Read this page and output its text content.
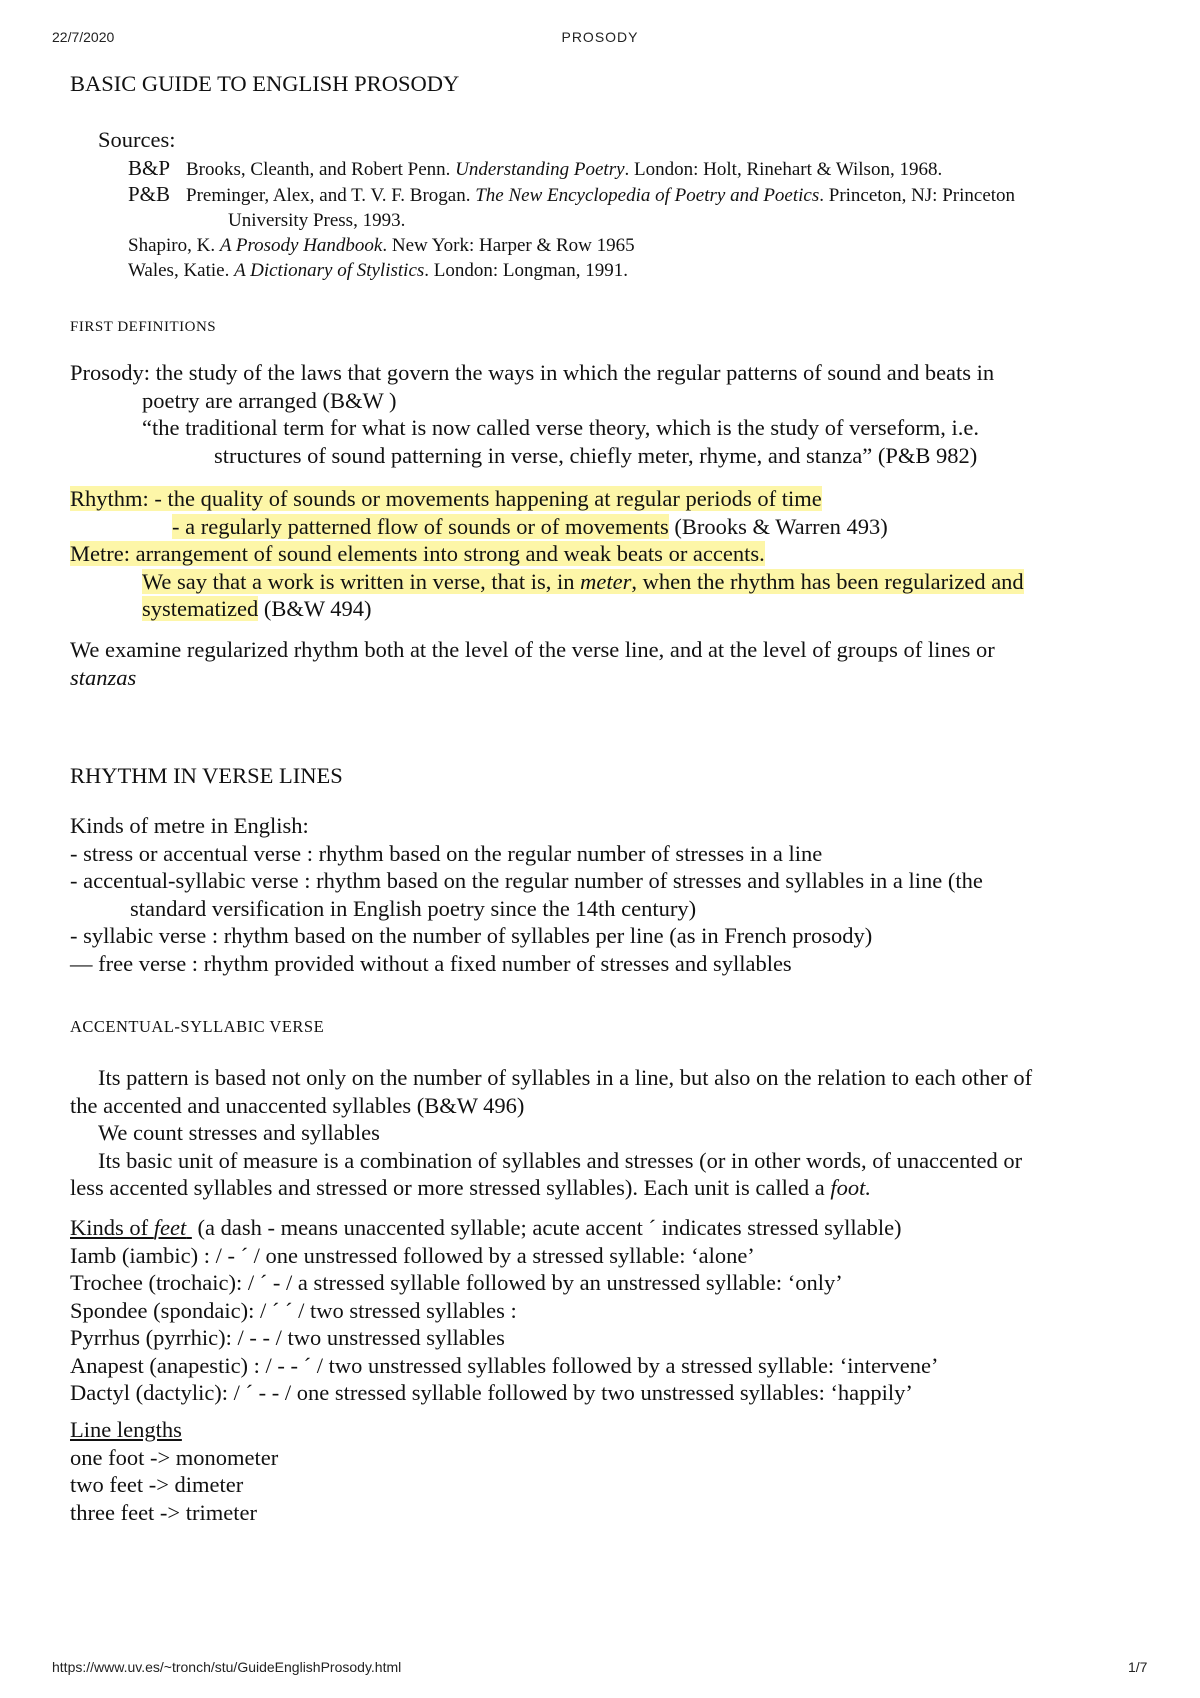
22/7/2020	PROSODY
https://www.uv.es/~tronch/stu/GuideEnglishProsody.html	1/7
BASIC GUIDE TO ENGLISH PROSODY
Sources:
B&P Brooks, Cleanth, and Robert Penn. Understanding Poetry. London: Holt, Rinehart & Wilson, 1968.
P&B Preminger, Alex, and T. V. F. Brogan. The New Encyclopedia of Poetry and Poetics. Princeton, NJ: Princeton
University Press, 1993.
Shapiro, K. A Prosody Handbook. New York: Harper & Row 1965
Wales, Katie. A Dictionary of Stylistics. London: Longman, 1991.
FIRST DEFINITIONS
Prosody: the study of the laws that govern the ways in which the regular patterns of sound and beats in
poetry are arranged (B&W )
“the traditional term for what is now called verse theory, which is the study of verseform, i.e.
structures of sound patterning in verse, chiefly meter, rhyme, and stanza” (P&B 982)
Rhythm: - the quality of sounds or movements happening at regular periods of time
- a regularly patterned flow of sounds or of movements (Brooks & Warren 493)
Metre: arrangement of sound elements into strong and weak beats or accents.
We say that a work is written in verse, that is, in meter, when the rhythm has been regularized and
systematized (B&W 494)
We examine regularized rhythm both at the level of the verse line, and at the level of groups of lines or
stanzas
RHYTHM IN VERSE LINES
Kinds of metre in English:
- stress or accentual verse : rhythm based on the regular number of stresses in a line
- accentual-syllabic verse : rhythm based on the regular number of stresses and syllables in a line (the
standard versification in English poetry since the 14th century)
- syllabic verse : rhythm based on the number of syllables per line (as in French prosody)
— free verse : rhythm provided without a fixed number of stresses and syllables
ACCENTUAL-SYLLABIC VERSE
Its pattern is based not only on the number of syllables in a line, but also on the relation to each other of
the accented and unaccented syllables (B&W 496)
We count stresses and syllables
Its basic unit of measure is a combination of syllables and stresses (or in other words, of unaccented or
less accented syllables and stressed or more stressed syllables). Each unit is called a foot.
Kinds of feet  (a dash - means unaccented syllable; acute accent ´ indicates stressed syllable)
Iamb (iambic) : / - ´ / one unstressed followed by a stressed syllable: ‘alone’
Trochee (trochaic): / ´ - / a stressed syllable followed by an unstressed syllable: ‘only’
Spondee (spondaic): / ´ ´ / two stressed syllables :
Pyrrhus (pyrrhic): / - - / two unstressed syllables
Anapest (anapestic) : / - - ´ / two unstressed syllables followed by a stressed syllable: ‘intervene’
Dactyl (dactylic): / ´ - - / one stressed syllable followed by two unstressed syllables: ‘happily’
Line lengths
one foot -> monometer
two feet -> dimeter
three feet -> trimeter
